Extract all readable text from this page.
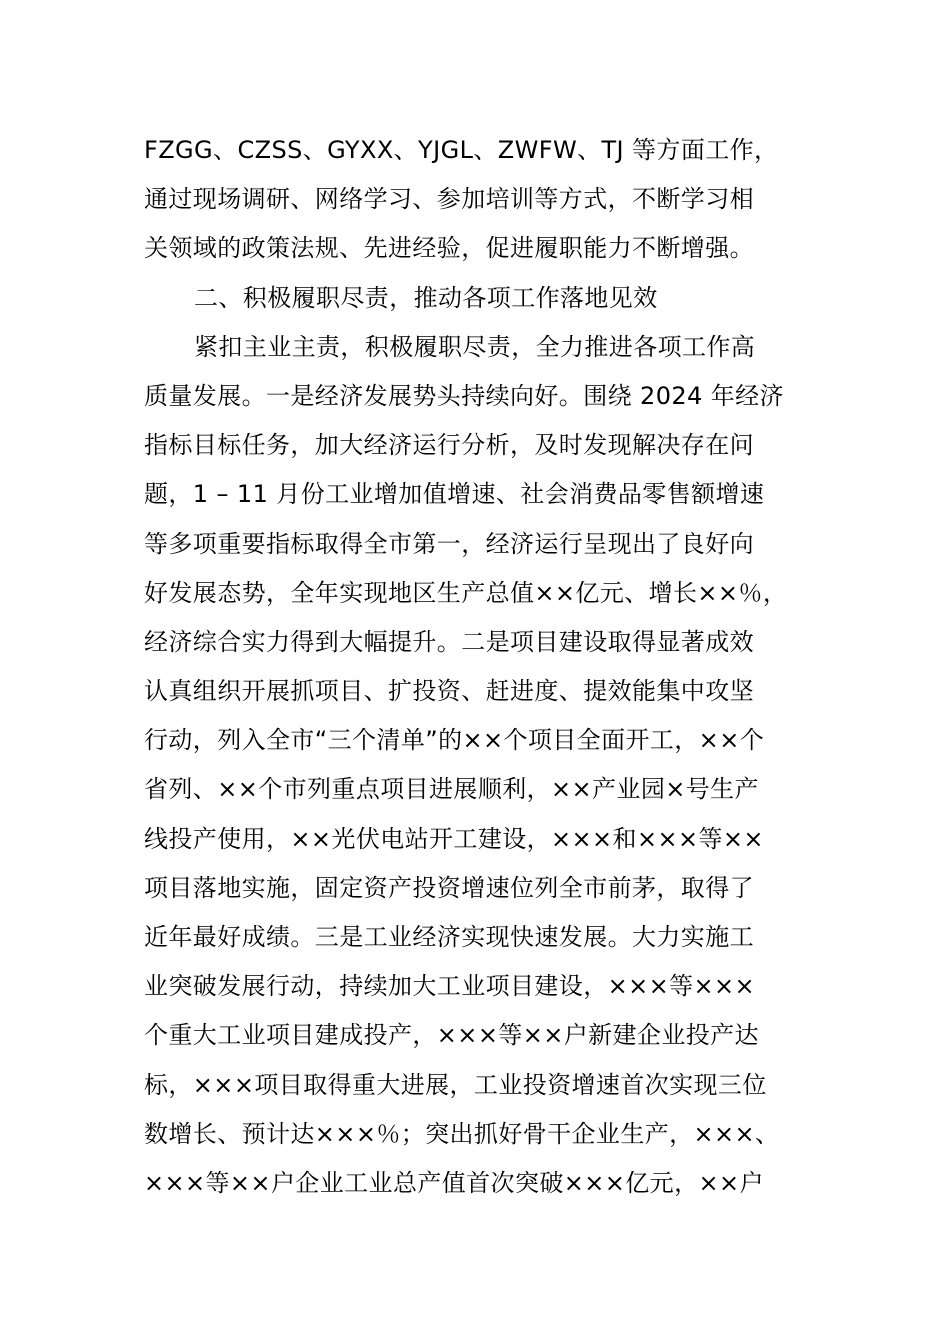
FZGG、CZSS、GYXX、YJGL、ZWFW、TJ 等方面工作，
通过现场调研、网络学习、参加培训等方式，不断学习相
关领域的政策法规、先进经验，促进履职能力不断增强。
二、积极履职尽责，推动各项工作落地见效
紧扣主业主责，积极履职尽责，全力推进各项工作高
质量发展。一是经济发展势头持续向好。围绕 2024 年经济
指标目标任务，加大经济运行分析，及时发现解决存在问
题，1 – 11 月份工业增加值增速、社会消费品零售额增速
等多项重要指标取得全市第一，经济运行呈现出了良好向
好发展态势，全年实现地区生产总值××亿元、增长××％，
经济综合实力得到大幅提升。二是项目建设取得显著成效
认真组织开展抓项目、扩投资、赶进度、提效能集中攻坚
行动，列入全市“三个清单”的××个项目全面开工，××个
省列、××个市列重点项目进展顺利，××产业园×号生产
线投产使用，××光伏电站开工建设，×××和×××等××
项目落地实施，固定资产投资增速位列全市前茅，取得了
近年最好成绩。三是工业经济实现快速发展。大力实施工
业突破发展行动，持续加大工业项目建设，×××等×××
个重大工业项目建成投产，×××等××户新建企业投产达
标，×××项目取得重大进展，工业投资增速首次实现三位
数增长、预计达×××％；突出抓好骨干企业生产，×××、
×××等××户企业工业总产值首次突破×××亿元，××户
